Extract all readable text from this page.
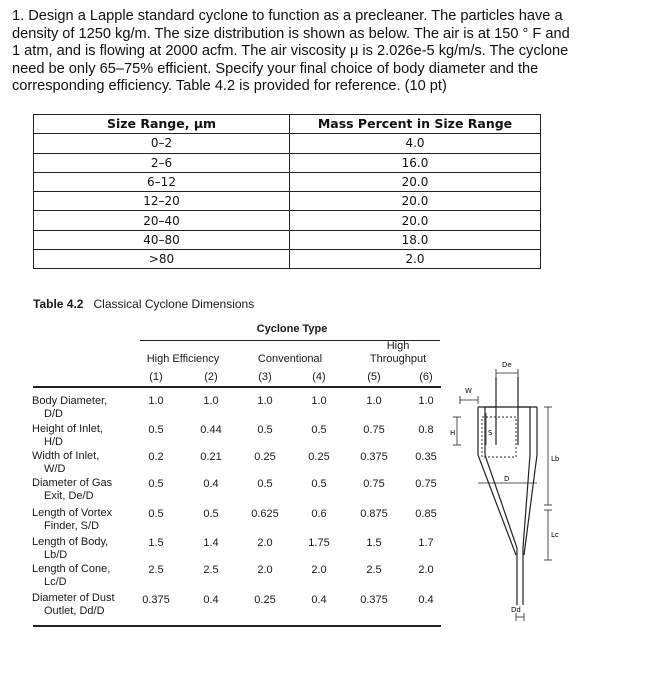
1. Design a Lapple standard cyclone to function as a precleaner. The particles have a
density of 1250 kg/m. The size distribution is shown as below. The air is at 150 ° F and
1 atm, and is flowing at 2000 acfm. The air viscosity μ is 2.026e-5 kg/m/s. The cyclone
need be only 65–75% efficient. Specify your final choice of body diameter and the
corresponding efficiency. Table 4.2 is provided for reference. (10 pt)
Size Range, μm	Mass Percent in Size Range
0–2	4.0
2–6	16.0
6–12	20.0
12–20	20.0
20–40	20.0
40–80	18.0
>80	2.0
Table 4.2 Classical Cyclone Dimensions
Cyclone Type
High Efficiency	Conventional
High
Throughput
(1)	(2)	(3)	(4)	(5)	(6)
Body Diameter,
D/D
1.0	1.0	1.0	1.0	1.0	1.0
Height of Inlet,
H/D
0.5	0.44	0.5	0.5	0.75	0.8
Width of Inlet,
W/D
0.2	0.21	0.25	0.25	0.375	0.35
Diameter of Gas
Exit, De/D
0.5	0.4	0.5	0.5	0.75	0.75
Length of Vortex
Finder, S/D
0.5	0.5	0.625	0.6	0.875	0.85
Length of Body,
Lb/D
1.5	1.4	2.0	1.75	1.5	1.7
Length of Cone,
Lc/D
2.5	2.5	2.0	2.0	2.5	2.0
Diameter of Dust
Outlet, Dd/D
0.375	0.4	0.25	0.4	0.375	0.4
De
W
H	S
Lb
D
Lc
Dd
